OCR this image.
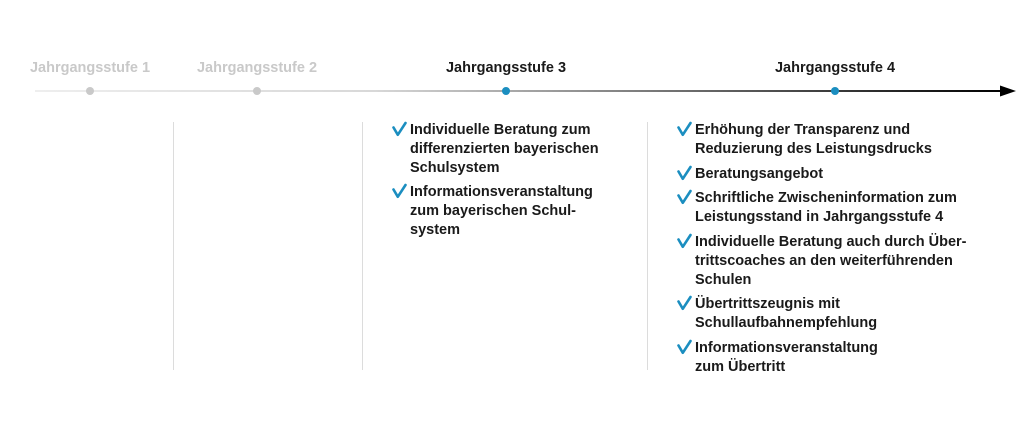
Jahrgangsstufe 1	Jahrgangsstufe 2	Jahrgangsstufe 3	Jahrgangsstufe 4
Individuelle Beratung zum
differenzierten bayerischen
Schulsystem
Informationsveranstaltung
zum bayerischen Schul-
system
Erhöhung der Transparenz und
Reduzierung des Leistungsdrucks
Beratungsangebot
Schriftliche Zwischeninformation zum
Leistungsstand in Jahrgangsstufe 4
Individuelle Beratung auch durch Über-
trittscoaches an den weiterführenden
Schulen
Übertrittszeugnis mit
Schullaufbahnempfehlung
Informationsveranstaltung
zum Übertritt
